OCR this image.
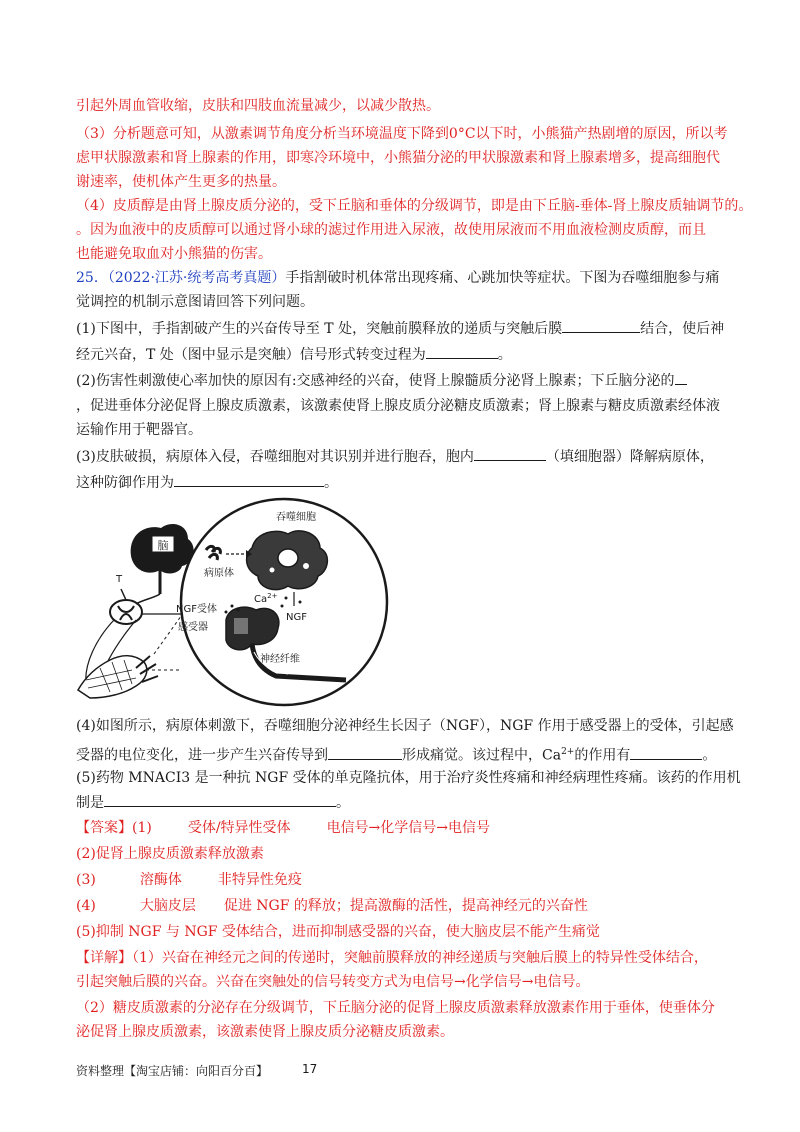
引起外周血管收缩，皮肤和四肢血流量减少，以减少散热。
（3）分析题意可知，从激素调节角度分析当环境温度下降到0°C以下时，小熊猫产热剧增的原因，所以考
虑甲状腺激素和肾上腺素的作用，即寒冷环境中，小熊猫分泌的甲状腺激素和肾上腺素增多，提高细胞代
谢速率，使机体产生更多的热量。
（4）皮质醇是由肾上腺皮质分泌的，受下丘脑和垂体的分级调节，即是由下丘脑-垂体-肾上腺皮质轴调节的。
。因为血液中的皮质醇可以通过肾小球的滤过作用进入尿液，故使用尿液而不用血液检测皮质醇，而且
也能避免取血对小熊猫的伤害。
25．（2022·江苏·统考高考真题）手指割破时机体常出现疼痛、心跳加快等症状。下图为吞噬细胞参与痛
觉调控的机制示意图请回答下列问题。
(1)下图中，手指割破产生的兴奋传导至 T 处，突触前膜释放的递质与突触后膜	结合，使后神
经元兴奋，T 处（图中显示是突触）信号形式转变过程为	。
(2)伤害性刺激使心率加快的原因有:交感神经的兴奋，使肾上腺髓质分泌肾上腺素；下丘脑分泌的
，促进垂体分泌促肾上腺皮质激素，该激素使肾上腺皮质分泌糖皮质激素；肾上腺素与糖皮质激素经体液
运输作用于靶器官。
(3)皮肤破损，病原体入侵，吞噬细胞对其识别并进行胞吞，胞内	（填细胞器）降解病原体，
这种防御作用为	。
脑
T
吞噬细胞
病原体
NGF
$Ca^{2+}$
NGF受体
感受器
神经纤维
(4)如图所示，病原体刺激下，吞噬细胞分泌神经生长因子（NGF），NGF 作用于感受器上的受体，引起感
受器的电位变化，进一步产生兴奋传导到	形成痛觉。该过程中，$Ca^{2+}$的作用有	。
(5)药物 MNACI3 是一种抗 NGF 受体的单克隆抗体，用于治疗炎性疼痛和神经病理性疼痛。该药的作用机
制是	。
【答案】(1)	受体/特异性受体	电信号→化学信号→电信号
(2)促肾上腺皮质激素释放激素
(3)	溶酶体	非特异性免疫
(4)	大脑皮层 促进 NGF 的释放；提高激酶的活性，提高神经元的兴奋性
(5)抑制 NGF 与 NGF 受体结合，进而抑制感受器的兴奋，使大脑皮层不能产生痛觉
【详解】（1）兴奋在神经元之间的传递时，突触前膜释放的神经递质与突触后膜上的特异性受体结合，
引起突触后膜的兴奋。兴奋在突触处的信号转变方式为电信号→化学信号→电信号。
（2）糖皮质激素的分泌存在分级调节，下丘脑分泌的促肾上腺皮质激素释放激素作用于垂体，使垂体分
泌促肾上腺皮质激素，该激素使肾上腺皮质分泌糖皮质激素。
资料整理【淘宝店铺：向阳百分百】	17
